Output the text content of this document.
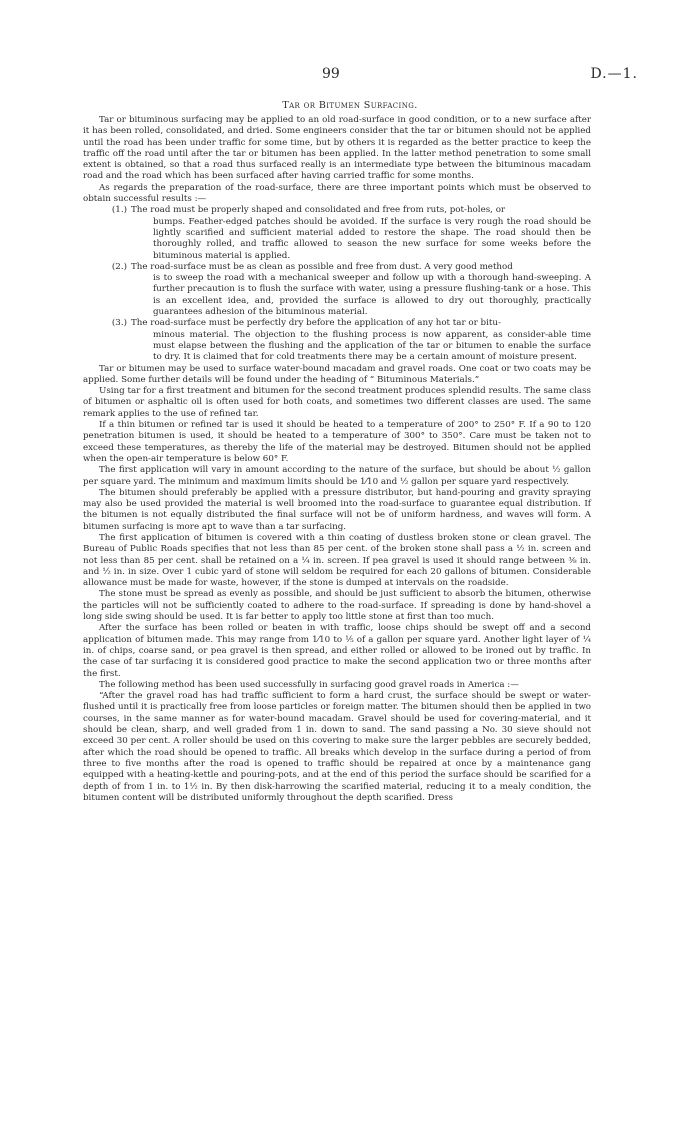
99	D.—1.
Tar or Bitumen Surfacing.

Tar or bituminous surfacing may be applied to an old road-surface in good condition, or to a new surface after it has been rolled, consolidated, and dried. Some engineers consider that the tar or bitumen should not be applied until the road has been under traffic for some time, but by others it is regarded as the better practice to keep the traffic off the road until after the tar or bitumen has been applied. In the latter method penetration to some small extent is obtained, so that a road thus surfaced really is an intermediate type between the bituminous macadam road and the road which has been surfaced after having carried traffic for some months.

As regards the preparation of the road-surface, there are three important points which must be observed to obtain successful results :—

(1.) The road must be properly shaped and consolidated and free from ruts, pot-holes, or
bumps. Feather-edged patches should be avoided. If the surface is very rough the road should be lightly scarified and sufficient material added to restore the shape. The road should then be thoroughly rolled, and traffic allowed to season the new surface for some weeks before the bituminous material is applied.
(2.) The road-surface must be as clean as possible and free from dust. A very good method
is to sweep the road with a mechanical sweeper and follow up with a thorough hand-sweeping. A further precaution is to flush the surface with water, using a pressure flushing-tank or a hose. This is an excellent idea, and, provided the surface is allowed to dry out thoroughly, practically guarantees adhesion of the bituminous material.
(3.) The road-surface must be perfectly dry before the application of any hot tar or bitu-
minous material. The objection to the flushing process is now apparent, as consider-able time must elapse between the flushing and the application of the tar or bitumen to enable the surface to dry. It is claimed that for cold treatments there may be a certain amount of moisture present.

Tar or bitumen may be used to surface water-bound macadam and gravel roads. One coat or two coats may be applied. Some further details will be found under the heading of “ Bituminous Materials.”

Using tar for a first treatment and bitumen for the second treatment produces splendid results. The same class of bitumen or asphaltic oil is often used for both coats, and sometimes two different classes are used. The same remark applies to the use of refined tar.

If a thin bitumen or refined tar is used it should be heated to a temperature of 200° to 250° F. If a 90 to 120 penetration bitumen is used, it should be heated to a temperature of 300° to 350°. Care must be taken not to exceed these temperatures, as thereby the life of the material may be destroyed. Bitumen should not be applied when the open-air temperature is below 60° F.

The first application will vary in amount according to the nature of the surface, but should be about ½ gallon per square yard. The minimum and maximum limits should be 1⁄10 and ½ gallon per square yard respectively.

The bitumen should preferably be applied with a pressure distributor, but hand-pouring and gravity spraying may also be used provided the material is well broomed into the road-surface to guarantee equal distribution. If the bitumen is not equally distributed the final surface will not be of uniform hardness, and waves will form. A bitumen surfacing is more apt to wave than a tar surfacing.

The first application of bitumen is covered with a thin coating of dustless broken stone or clean gravel. The Bureau of Public Roads specifies that not less than 85 per cent. of the broken stone shall pass a ½ in. screen and not less than 85 per cent. shall be retained on a ¼ in. screen. If pea gravel is used it should range between ⅜ in. and ½ in. in size. Over 1 cubic yard of stone will seldom be required for each 20 gallons of bitumen. Considerable allowance must be made for waste, however, if the stone is dumped at intervals on the roadside.

The stone must be spread as evenly as possible, and should be just sufficient to absorb the bitumen, otherwise the particles will not be sufficiently coated to adhere to the road-surface. If spreading is done by hand-shovel a long side swing should be used. It is far better to apply too little stone at first than too much.

After the surface has been rolled or beaten in with traffic, loose chips should be swept off and a second application of bitumen made. This may range from 1⁄10 to ⅕ of a gallon per square yard. Another light layer of ¼ in. of chips, coarse sand, or pea gravel is then spread, and either rolled or allowed to be ironed out by traffic. In the case of tar surfacing it is considered good practice to make the second application two or three months after the first.

The following method has been used successfully in surfacing good gravel roads in America :—

“After the gravel road has had traffic sufficient to form a hard crust, the surface should be swept or water-flushed until it is practically free from loose particles or foreign matter. The bitumen should then be applied in two courses, in the same manner as for water-bound macadam. Gravel should be used for covering-material, and it should be clean, sharp, and well graded from 1 in. down to sand. The sand passing a No. 30 sieve should not exceed 30 per cent. A roller should be used on this covering to make sure the larger pebbles are securely bedded, after which the road should be opened to traffic. All breaks which develop in the surface during a period of from three to five months after the road is opened to traffic should be repaired at once by a maintenance gang equipped with a heating-kettle and pouring-pots, and at the end of this period the surface should be scarified for a depth of from 1 in. to 1½ in. By then disk-harrowing the scarified material, reducing it to a mealy condition, the bitumen content will be distributed uniformly throughout the depth scarified. Dress
